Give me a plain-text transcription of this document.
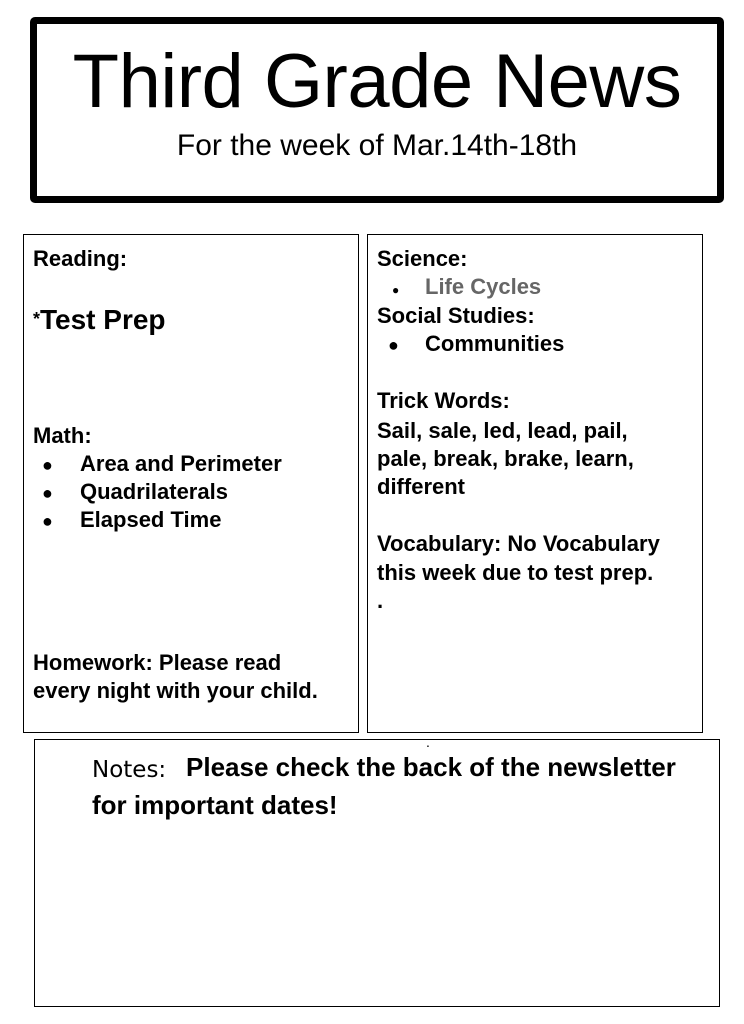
Third Grade News
For the week of Mar.14th-18th
Reading:
*Test Prep
Math:
● Area and Perimeter
● Quadrilaterals
● Elapsed Time
Homework: Please read
every night with your child.
Science:
● Life Cycles
Social Studies:
● Communities
Trick Words:
Sail, sale, led, lead, pail,
pale, break, brake, learn,
different
Vocabulary: No Vocabulary
this week due to test prep.
.
.
Notes: Please check the back of the newsletter
for important dates!
